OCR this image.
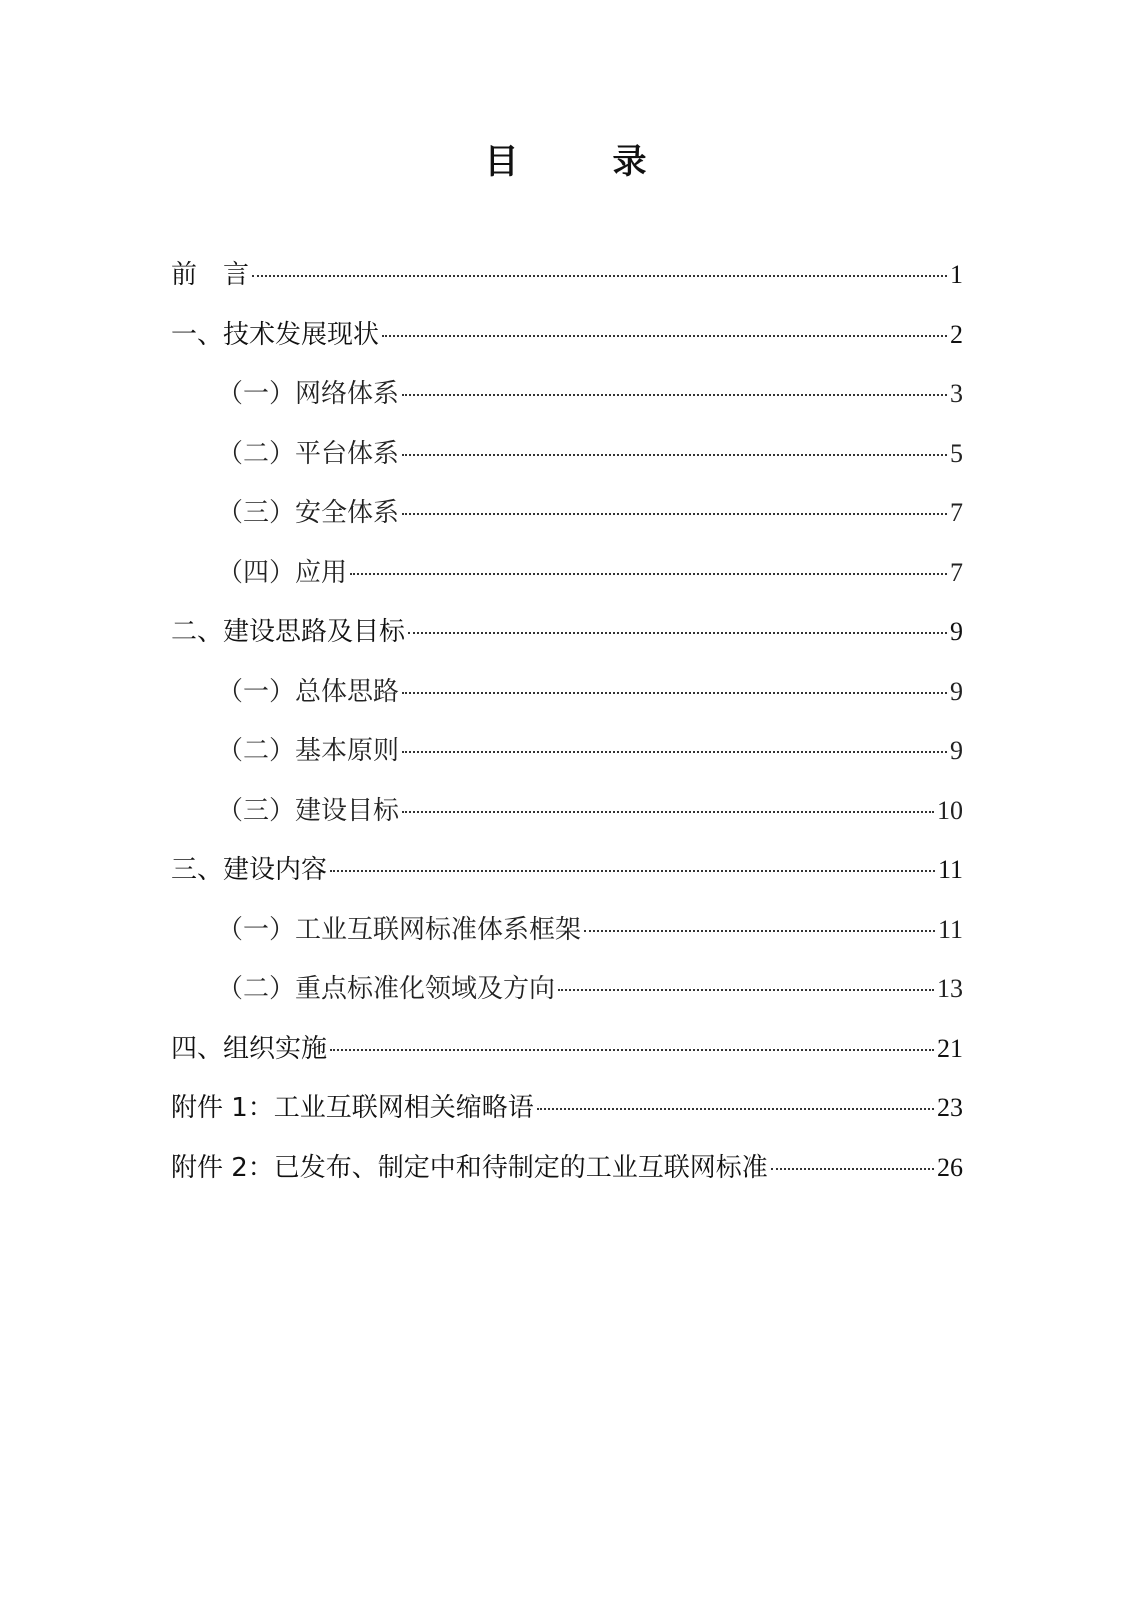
目　录
前　言	1
一、技术发展现状	2
（一）网络体系	3
（二）平台体系	5
（三）安全体系	7
（四）应用	7
二、建设思路及目标	9
（一）总体思路	9
（二）基本原则	9
（三）建设目标	10
三、建设内容	11
（一）工业互联网标准体系框架	11
（二）重点标准化领域及方向	13
四、组织实施	21
附件 1：工业互联网相关缩略语	23
附件 2：已发布、制定中和待制定的工业互联网标准	26
